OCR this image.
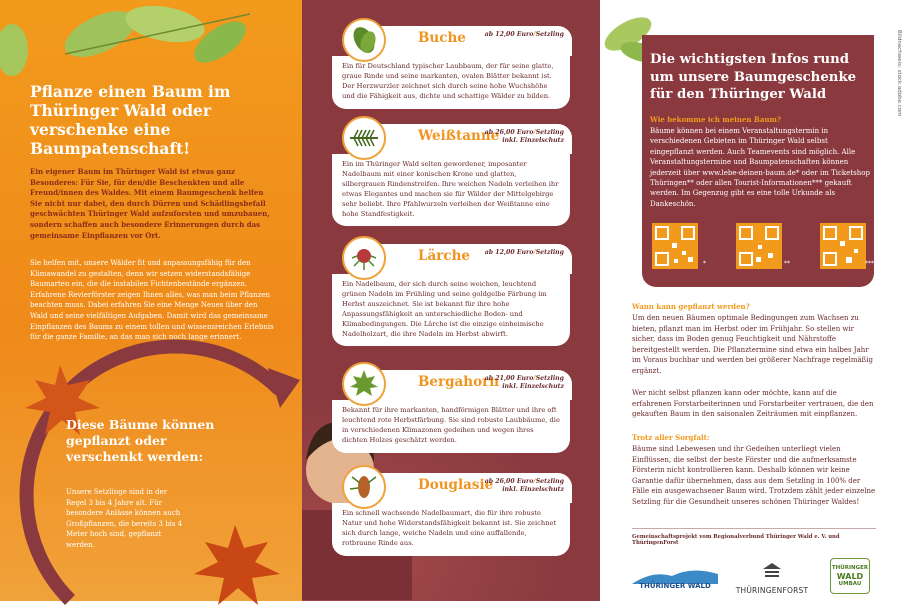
Pflanze einen Baum im Thüringer Wald oder verschenke eine Baumpatenschaft!

Ein eigener Baum im Thüringer Wald ist etwas ganz Besonderes: Für Sie, für den/die Beschenkten und alle Freund/innen des Waldes. Mit einem Baumgeschenk helfen Sie nicht nur dabei, den durch Dürren und Schädlingsbefall geschwächten Thüringer Wald aufzuforsten und umzubauen, sondern schaffen auch besondere Erinnerungen durch das gemeinsame Einpflanzen vor Ort.

Sie helfen mit, unsere Wälder fit und anpassungsfähig für den Klimawandel zu gestalten, denn wir setzen widerstandsfähige Baumarten ein, die die instabilen Fichtenbestände ergänzen. Erfahrene Revierförster zeigen Ihnen alles, was man beim Pflanzen beachten muss. Dabei erfahren Sie eine Menge Neues über den Wald und seine vielfältigen Aufgaben. Damit wird das gemeinsame Einpflanzen des Baums zu einem tollen und wissensreichen Erlebnis für die ganze Familie, an das man sich noch lange erinnert.

Diese Bäume können gepflanzt oder verschenkt werden:

Unsere Setzlinge sind in der Regel 3 bis 4 Jahre alt. Für besondere Anlässe können auch Großpflanzen, die bereits 3 bis 4 Meter hoch sind, gepflanzt werden.

Buche	ab 12,00 Euro/Setzling

Ein für Deutschland typischer Laubbaum, der für seine glatte, graue Rinde und seine markanten, ovalen Blätter bekannt ist. Der Herzwurzler zeichnet sich durch seine hohe Wuchshöhe und die Fähigkeit aus, dichte und schattige Wälder zu bilden.
Weißtanne
ab 26,00 Euro/Setzling
inkl. Einzelschutz
Ein im Thüringer Wald selten gewordener, imposanter Nadelbaum mit einer konischen Krone und glatten, silbergrauen Rindenstreifen. Ihre weichen Nadeln verleihen ihr etwas Elegantes und machen sie für Wälder der Mittelgebirge sehr beliebt. Ihre Pfahlwurzeln verleihen der Weißtanne eine hohe Standfestigkeit.
Lärche ab 12,00 Euro/Setzling

Ein Nadelbaum, der sich durch seine weichen, leuchtend grünen Nadeln im Frühling und seine goldgelbe Färbung im Herbst auszeichnet. Sie ist bekannt für ihre hohe Anpassungsfähigkeit an unterschiedliche Boden- und Klimabedingungen. Die Lärche ist die einzige einheimische Nadelholzart, die ihre Nadeln im Herbst abwirft.
Bergahorn
ab 21,00 Euro/Setzling
inkl. Einzelschutz
Bekannt für ihre markanten, handförmigen Blätter und ihre oft leuchtend rote Herbstfärbung. Sie sind robuste Laubbäume, die in verschiedenen Klimazonen gedeihen und wegen ihres dichten Holzes geschätzt werden.
Douglasie
ab 26,00 Euro/Setzling
inkl. Einzelschutz
Ein schnell wachsende Nadelbaumart, die für ihre robuste Natur und hohe Widerstandsfähigkeit bekannt ist. Sie zeichnet sich durch lange, weiche Nadeln und eine auffallende, rotbraune Rinde aus.
Bildnachweis: stock.adobe.com
Die wichtigsten Infos rund um unsere Baumgeschenke für den Thüringer Wald
Wie bekomme ich meinen Baum?

Bäume können bei einem Veranstaltungstermin in verschiedenen Gebieten im Thüringer Wald selbst eingepflanzt werden. Auch Teamevents sind möglich. Alle Veranstaltungstermine und Baumpatenschaften können jederzeit über www.lebe-deinen-baum.de* oder im Ticketshop Thüringen** oder allen Tourist-Informationen*** gekauft werden. Im Gegenzug gibt es eine tolle Urkunde als Dankeschön.

*	**	***
Wann kann gepflanzt werden?

Um den neuen Bäumen optimale Bedingungen zum Wachsen zu bieten, pflanzt man im Herbst oder im Frühjahr. So stellen wir sicher, dass im Boden genug Feuchtigkeit und Nährstoffe bereitgestellt werden. Die Pflanztermine sind etwa ein halbes Jahr im Voraus buchbar und werden bei größerer Nachfrage regelmäßig ergänzt.

Wer nicht selbst pflanzen kann oder möchte, kann auf die erfahrenen Forstarbeiterinnen und Forstarbeiter vertrauen, die den gekauften Baum in den saisonalen Zeiträumen mit einpflanzen.

Trotz aller Sorgfalt:

Bäume sind Lebewesen und ihr Gedeihen unterliegt vielen Einflüssen, die selbst der beste Förster und die aufmerksamste Försterin nicht kontrollieren kann. Deshalb können wir keine Garantie dafür übernehmen, dass aus dem Setzling in 100% der Fälle ein ausgewachsener Baum wird. Trotzdem zählt jeder einzelne Setzling für die Gesundheit unseres schönen Thüringer Waldes!

Gemeinschaftsprojekt vom Regionalverbund Thüringer Wald e. V. und ThüringenForst
THÜRINGER WALD	THÜRINGENFORST
THÜRINGER
WALD
UMBAU
